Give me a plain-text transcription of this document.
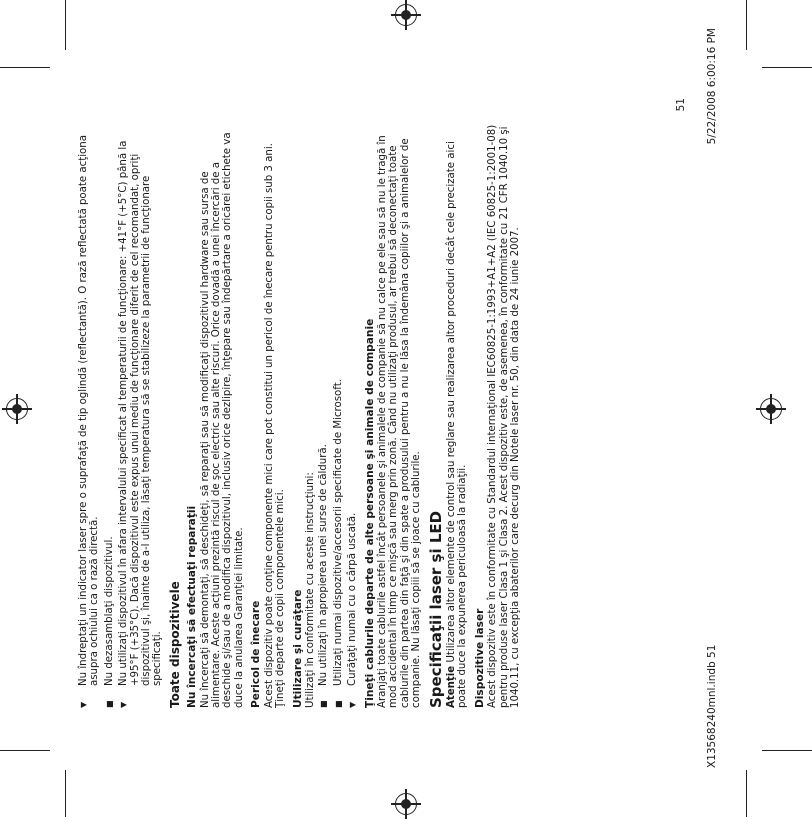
▼ Nu îndreptaţi un indicator laser spre o suprafaţă de tip oglindă (reflectantă). O rază reflectată poate acţiona asupra ochiului ca o rază directă. ■ Nu dezasamblaţi dispozitivul. ▼ Nu utilizaţi dispozitivul în afara intervalului specificat al temperaturii de funcţionare: +41°F (+5°C) până la +95°F (+35°C). Dacă dispozitivul este expus unui mediu de funcţionare diferit de cel recomandat, opriţi dispozitivul şi, înainte de a-l utiliza, lăsaţi temperatura să se stabilizeze la parametrii de funcţionare specificaţi. Toate dispozitivele Nu încercaţi să efectuaţi reparaţii Nu încercaţi să demontaţi, să deschideţi, să reparaţi sau să modificaţi dispozitivul hardware sau sursa de alimentare. Aceste acţiuni prezintă riscul de şoc electric sau alte riscuri. Orice dovadă a unei încercări de a deschide şi/sau de a modifica dispozitivul, inclusiv orice dezlipire, înţepare sau îndepărtare a oricărei etichete va duce la anularea Garanţiei limitate. Pericol de înecare Acest dispozitiv poate conţine componente mici care pot constitui un pericol de înecare pentru copii sub 3 ani. Ţineţi departe de copii componentele mici. Utilizare şi curăţare Utilizaţi în conformitate cu aceste instrucţiuni: ■ Nu utilizaţi în apropierea unei surse de căldură. ■ Utilizaţi numai dispozitive/accesorii specificate de Microsoft. ▼ Curăţaţi numai cu o cârpă uscată. Ţineţi cablurile departe de alte persoane şi animale de companie Aranjaţi toate cablurile astfel încât persoanele şi animalele de companie să nu calce pe ele sau să nu le tragă în mod accidental în timp ce mişcă sau merg prin zonă. Când nu utilizaţi produsul, ar trebui să deconectaţi toate cablurile din partea din faţă şi din spate a produsului pentru a nu le lăsa la îndemâna copiilor şi a animalelor de companie. Nu lăsaţi copiii să se joace cu cablurile. Specificaţii laser şi LED Atenţie Utilizarea altor elemente de control sau reglare sau realizarea altor proceduri decât cele precizate aici poate duce la expunerea periculoasă la radiaţii. Dispozitive laser Acest dispozitiv este în conformitate cu Standardul internaţional IEC60825-1:1993+A1+A2 (IEC 60825-1:2001-08) pentru produse laser Clasa 1 şi Clasa 2. Acest dispozitiv este, de asemenea, în conformitate cu 21 CFR 1040.10 şi 1040.11, cu excepţia abaterilor care decurg din Notele laser nr. 50, din data de 24 iunie 2007.
51
X13568240mnl.indb 51
5/22/2008 6:00:16 PM
